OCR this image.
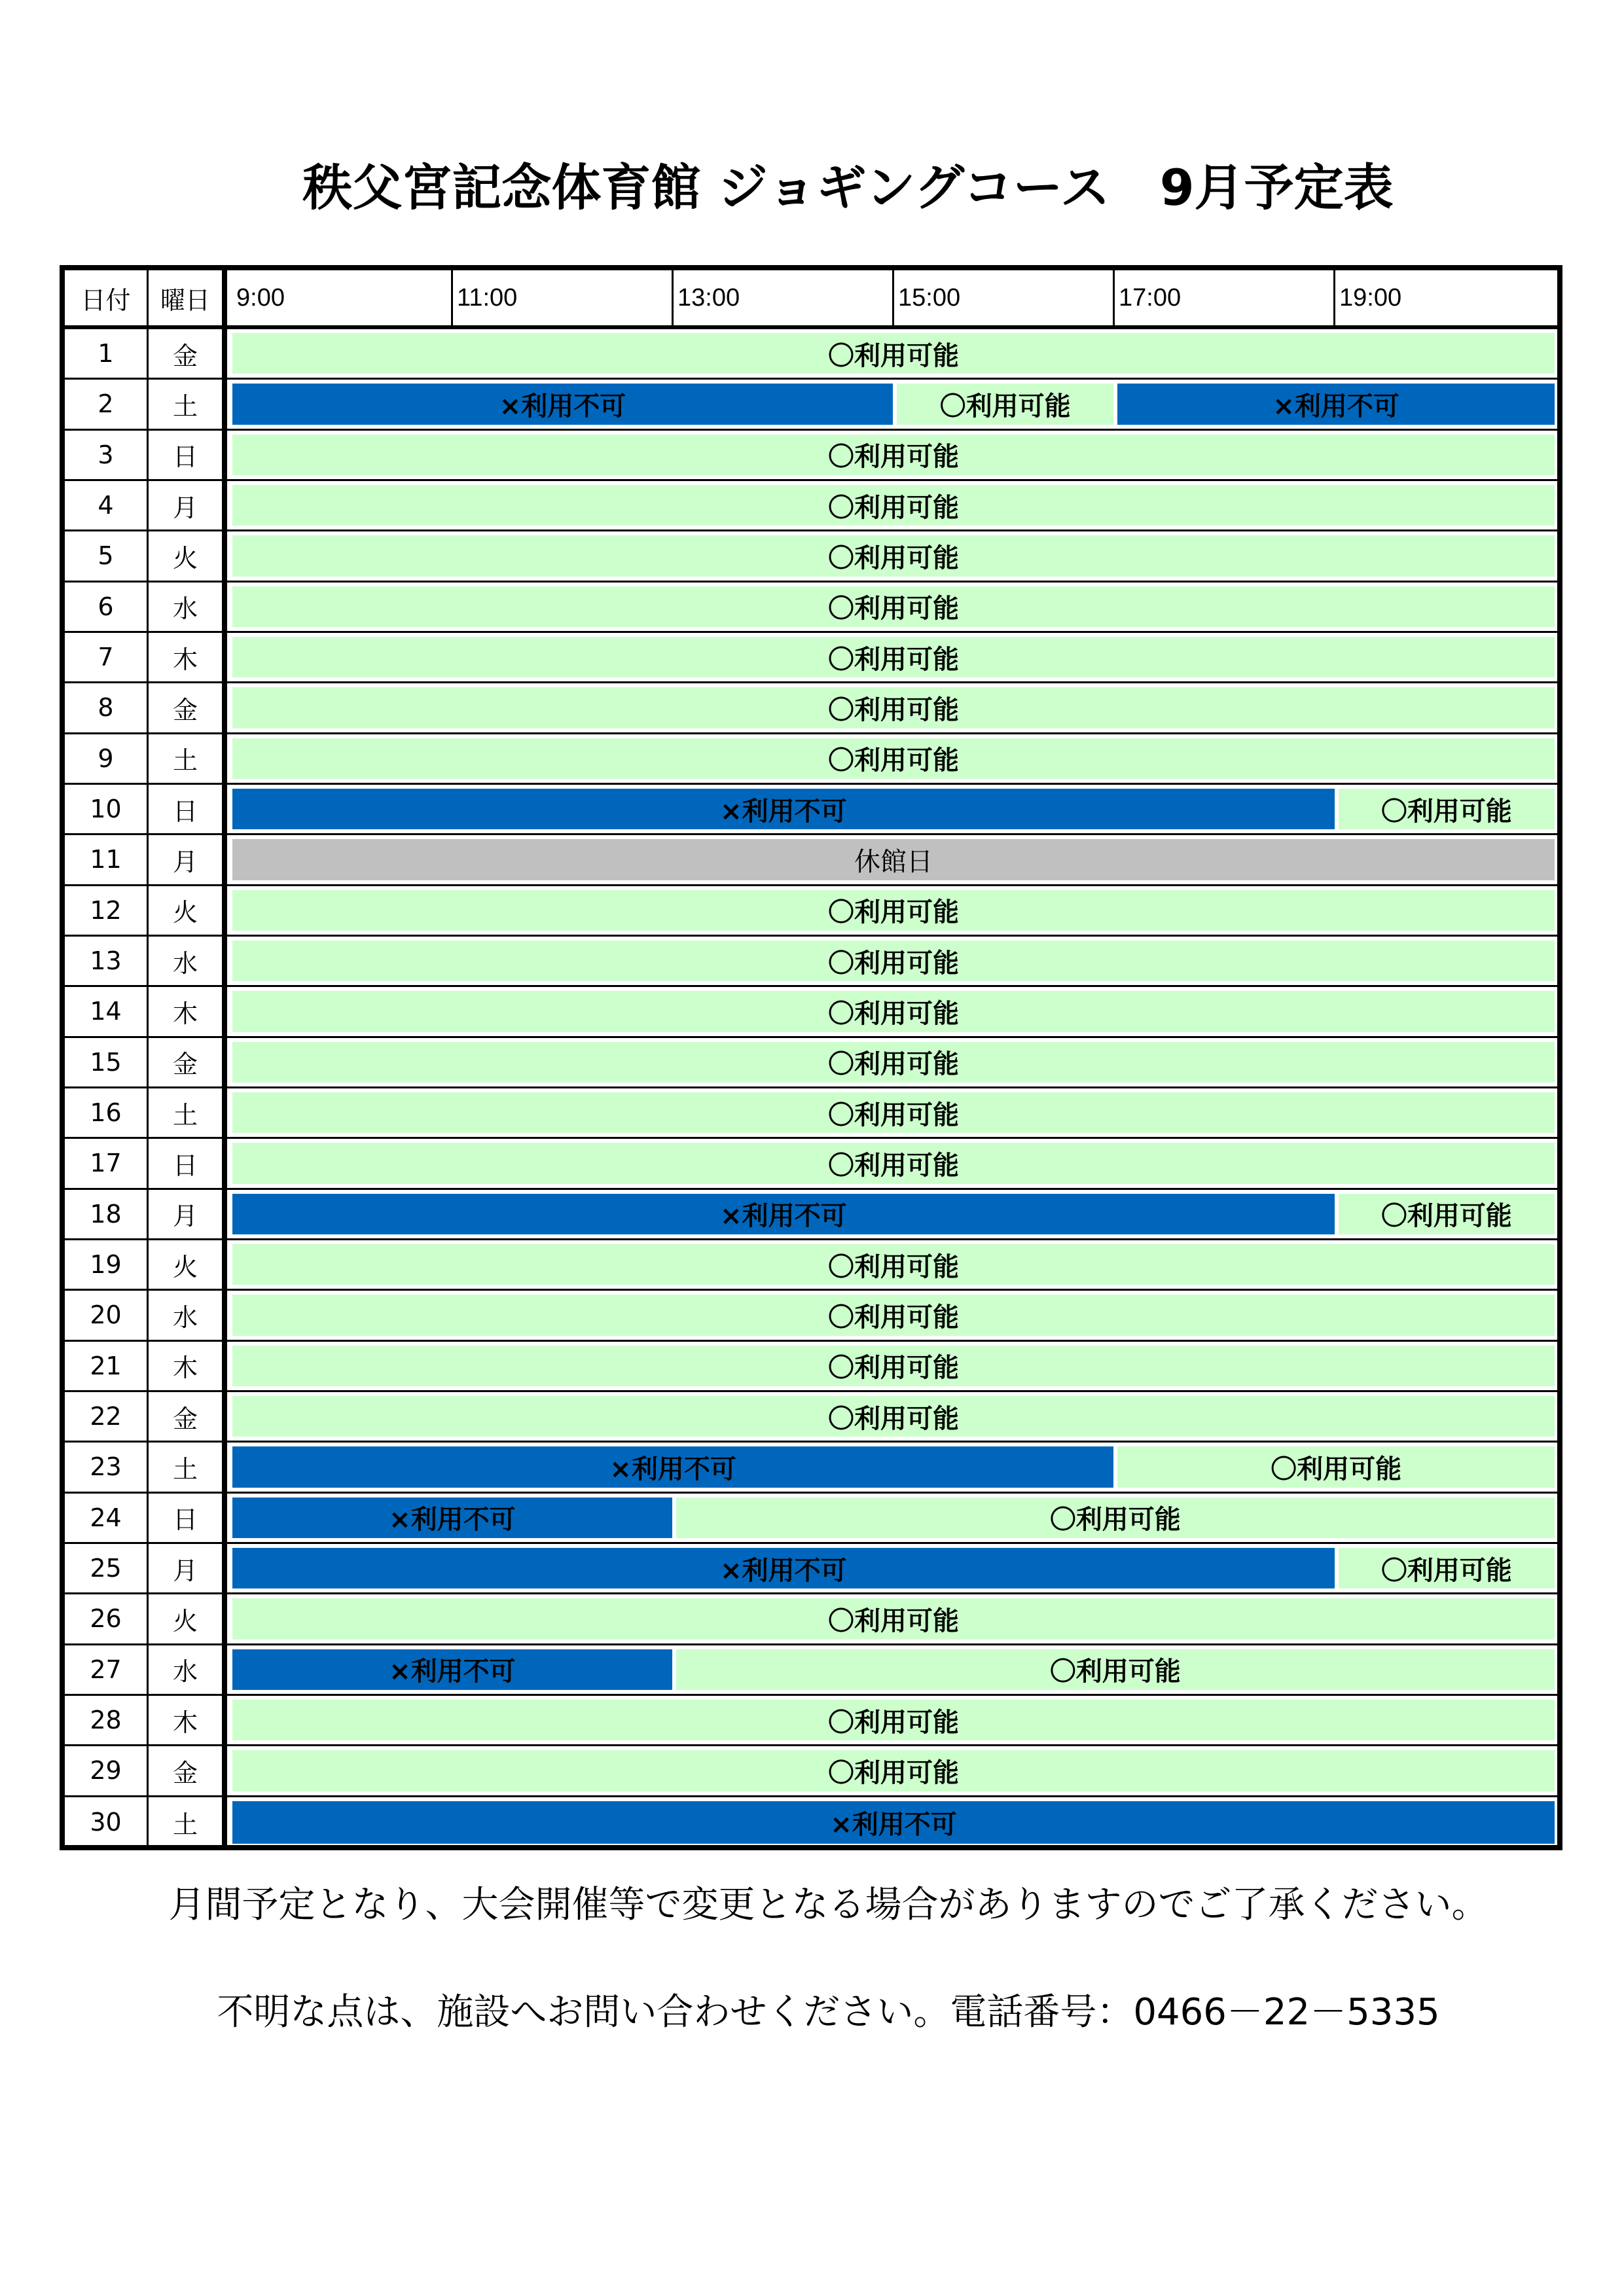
秩父宮記念体育館 ジョギングコース　9月予定表
日付	曜日	9:00	11:00	13:00	15:00	17:00	19:00
1	金	〇利用可能
2	土	×利用不可	〇利用可能	×利用不可
3	日	〇利用可能
4	月	〇利用可能
5	火	〇利用可能
6	水	〇利用可能
7	木	〇利用可能
8	金	〇利用可能
9	土	〇利用可能
10	日	×利用不可	〇利用可能
11	月	休館日
12	火	〇利用可能
13	水	〇利用可能
14	木	〇利用可能
15	金	〇利用可能
16	土	〇利用可能
17	日	〇利用可能
18	月	×利用不可	〇利用可能
19	火	〇利用可能
20	水	〇利用可能
21	木	〇利用可能
22	金	〇利用可能
23	土	×利用不可	〇利用可能
24	日	×利用不可	〇利用可能
25	月	×利用不可	〇利用可能
26	火	〇利用可能
27	水	×利用不可	〇利用可能
28	木	〇利用可能
29	金	〇利用可能
30	土	×利用不可
月間予定となり、大会開催等で変更となる場合がありますのでご了承ください。
不明な点は、施設へお問い合わせください。電話番号：0466－22－5335
